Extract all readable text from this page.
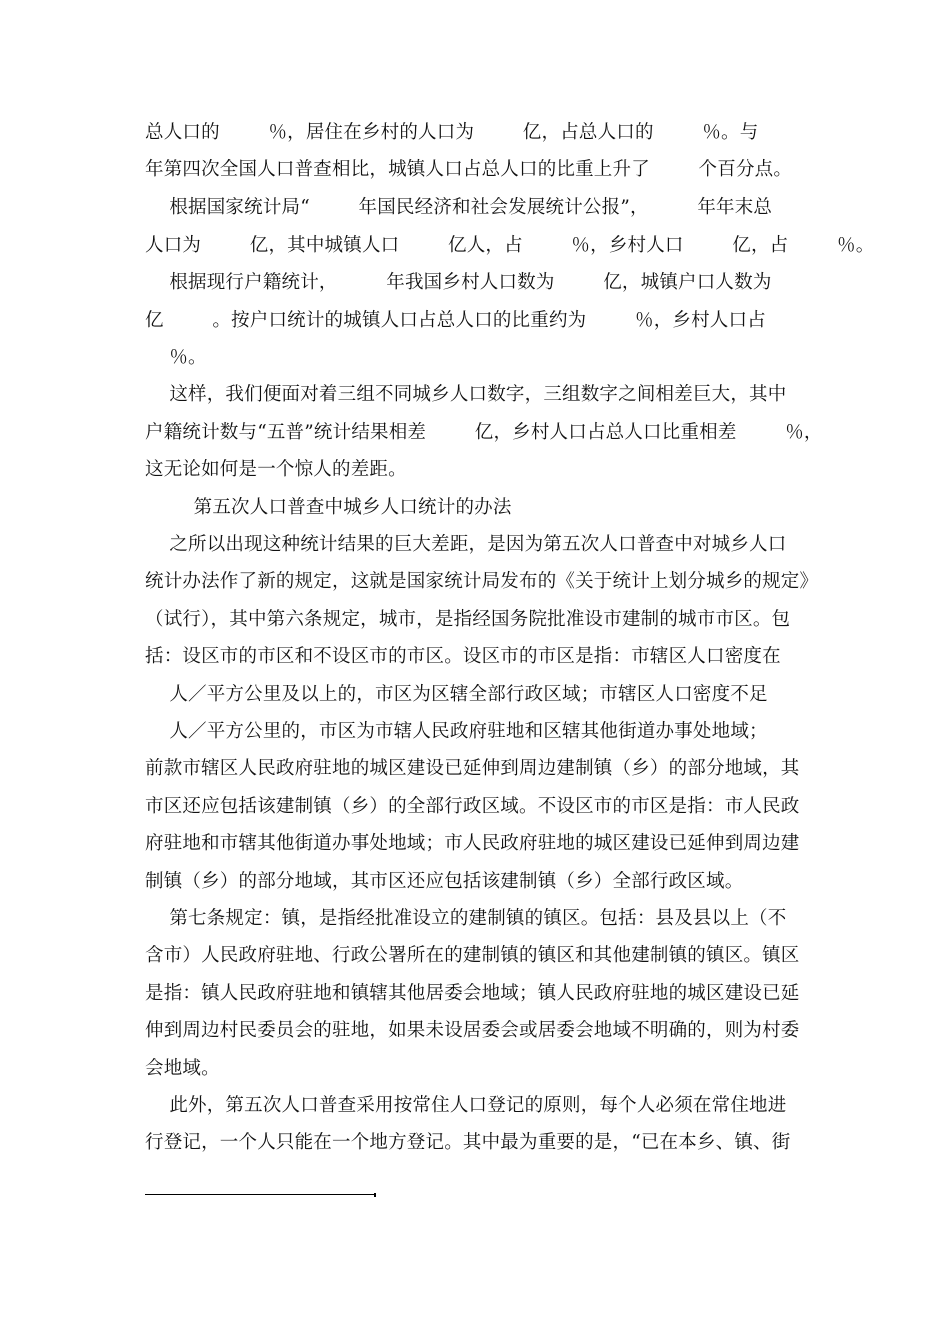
总人口的        ％，居住在乡村的人口为        亿，占总人口的        ％。与
年第四次全国人口普查相比，城镇人口占总人口的比重上升了        个百分点。
根据国家统计局“        年国民经济和社会发展统计公报”，        年年末总
人口为        亿，其中城镇人口        亿人，占        ％，乡村人口        亿，占        ％。
根据现行户籍统计，        年我国乡村人口数为        亿，城镇户口人数为
亿        。按户口统计的城镇人口占总人口的比重约为        ％，乡村人口占
％。
这样，我们便面对着三组不同城乡人口数字，三组数字之间相差巨大，其中
户籍统计数与“五普”统计结果相差        亿，乡村人口占总人口比重相差        ％，
这无论如何是一个惊人的差距。
第五次人口普查中城乡人口统计的办法
之所以出现这种统计结果的巨大差距，是因为第五次人口普查中对城乡人口
统计办法作了新的规定，这就是国家统计局发布的《关于统计上划分城乡的规定》
（试行），其中第六条规定，城市，是指经国务院批准设市建制的城市市区。包
括：设区市的市区和不设区市的市区。设区市的市区是指：市辖区人口密度在
人／平方公里及以上的，市区为区辖全部行政区域；市辖区人口密度不足
人／平方公里的，市区为市辖人民政府驻地和区辖其他街道办事处地域；
前款市辖区人民政府驻地的城区建设已延伸到周边建制镇（乡）的部分地域，其
市区还应包括该建制镇（乡）的全部行政区域。不设区市的市区是指：市人民政
府驻地和市辖其他街道办事处地域；市人民政府驻地的城区建设已延伸到周边建
制镇（乡）的部分地域，其市区还应包括该建制镇（乡）全部行政区域。
第七条规定：镇，是指经批准设立的建制镇的镇区。包括：县及县以上（不
含市）人民政府驻地、行政公署所在的建制镇的镇区和其他建制镇的镇区。镇区
是指：镇人民政府驻地和镇辖其他居委会地域；镇人民政府驻地的城区建设已延
伸到周边村民委员会的驻地，如果未设居委会或居委会地域不明确的，则为村委
会地域。
此外，第五次人口普查采用按常住人口登记的原则，每个人必须在常住地进
行登记，一个人只能在一个地方登记。其中最为重要的是，“已在本乡、镇、街
